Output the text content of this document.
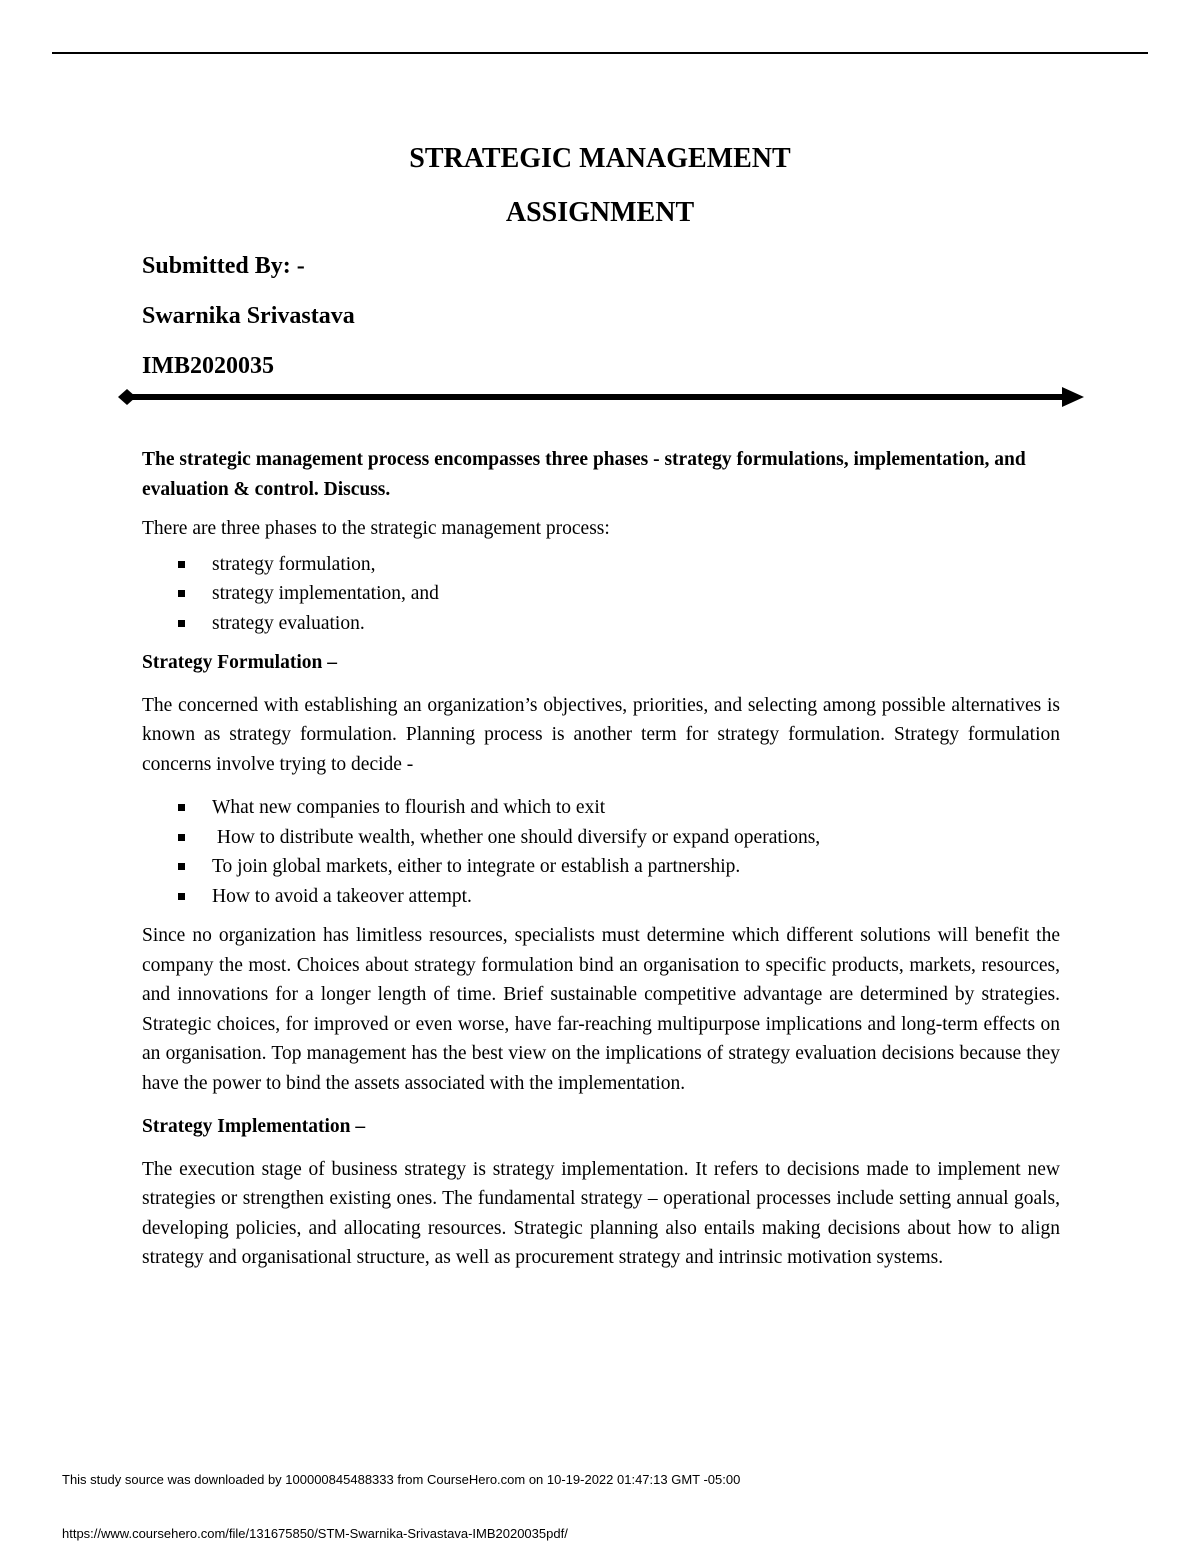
STRATEGIC MANAGEMENT
ASSIGNMENT
Submitted By: -
Swarnika Srivastava
IMB2020035

The strategic management process encompasses three phases - strategy formulations, implementation, and evaluation & control. Discuss.

There are three phases to the strategic management process:

strategy formulation,
strategy implementation, and
strategy evaluation.

Strategy Formulation –

The concerned with establishing an organization’s objectives, priorities, and selecting among possible alternatives is known as strategy formulation. Planning process is another term for strategy formulation. Strategy formulation concerns involve trying to decide -

What new companies to flourish and which to exit
How to distribute wealth, whether one should diversify or expand operations,
To join global markets, either to integrate or establish a partnership.
How to avoid a takeover attempt.

Since no organization has limitless resources, specialists must determine which different solutions will benefit the company the most. Choices about strategy formulation bind an organisation to specific products, markets, resources, and innovations for a longer length of time. Brief sustainable competitive advantage are determined by strategies. Strategic choices, for improved or even worse, have far-reaching multipurpose implications and long-term effects on an organisation. Top management has the best view on the implications of strategy evaluation decisions because they have the power to bind the assets associated with the implementation.

Strategy Implementation –

The execution stage of business strategy is strategy implementation. It refers to decisions made to implement new strategies or strengthen existing ones. The fundamental strategy – operational processes include setting annual goals, developing policies, and allocating resources. Strategic planning also entails making decisions about how to align strategy and organisational structure, as well as procurement strategy and intrinsic motivation systems.

This study source was downloaded by 100000845488333 from CourseHero.com on 10-19-2022 01:47:13 GMT -05:00
https://www.coursehero.com/file/131675850/STM-Swarnika-Srivastava-IMB2020035pdf/
